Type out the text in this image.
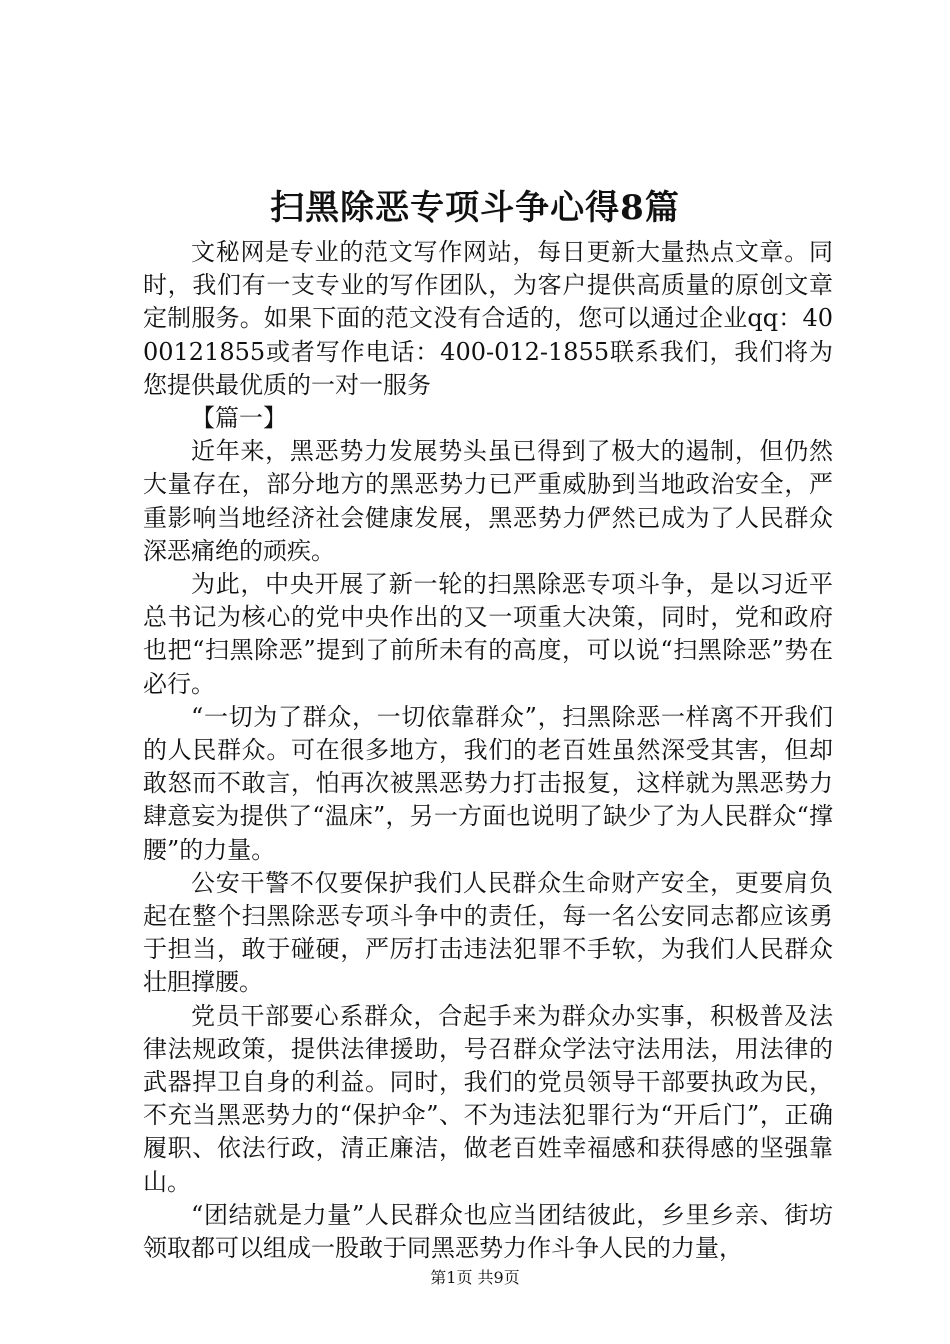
扫黑除恶专项斗争心得8篇

文秘网是专业的范文写作网站，每日更新大量热点文章。同时，我们有一支专业的写作团队，为客户提供高质量的原创文章定制服务。如果下面的范文没有合适的，您可以通过企业qq：4000121855或者写作电话：400-012-1855联系我们，我们将为您提供最优质的一对一服务

【篇一】

近年来，黑恶势力发展势头虽已得到了极大的遏制，但仍然大量存在，部分地方的黑恶势力已严重威胁到当地政治安全，严重影响当地经济社会健康发展，黑恶势力俨然已成为了人民群众深恶痛绝的顽疾。

为此，中央开展了新一轮的扫黑除恶专项斗争，是以习近平总书记为核心的党中央作出的又一项重大决策，同时，党和政府也把“扫黑除恶”提到了前所未有的高度，可以说“扫黑除恶”势在必行。

“一切为了群众，一切依靠群众”，扫黑除恶一样离不开我们的人民群众。可在很多地方，我们的老百姓虽然深受其害，但却敢怒而不敢言，怕再次被黑恶势力打击报复，这样就为黑恶势力肆意妄为提供了“温床”，另一方面也说明了缺少了为人民群众“撑腰”的力量。

公安干警不仅要保护我们人民群众生命财产安全，更要肩负起在整个扫黑除恶专项斗争中的责任，每一名公安同志都应该勇于担当，敢于碰硬，严厉打击违法犯罪不手软，为我们人民群众壮胆撑腰。

党员干部要心系群众，合起手来为群众办实事，积极普及法律法规政策，提供法律援助，号召群众学法守法用法，用法律的武器捍卫自身的利益。同时，我们的党员领导干部要执政为民，不充当黑恶势力的“保护伞”、不为违法犯罪行为“开后门”，正确履职、依法行政，清正廉洁，做老百姓幸福感和获得感的坚强靠山。

“团结就是力量”人民群众也应当团结彼此，乡里乡亲、街坊领取都可以组成一股敢于同黑恶势力作斗争人民的力量，

第1页 共9页
